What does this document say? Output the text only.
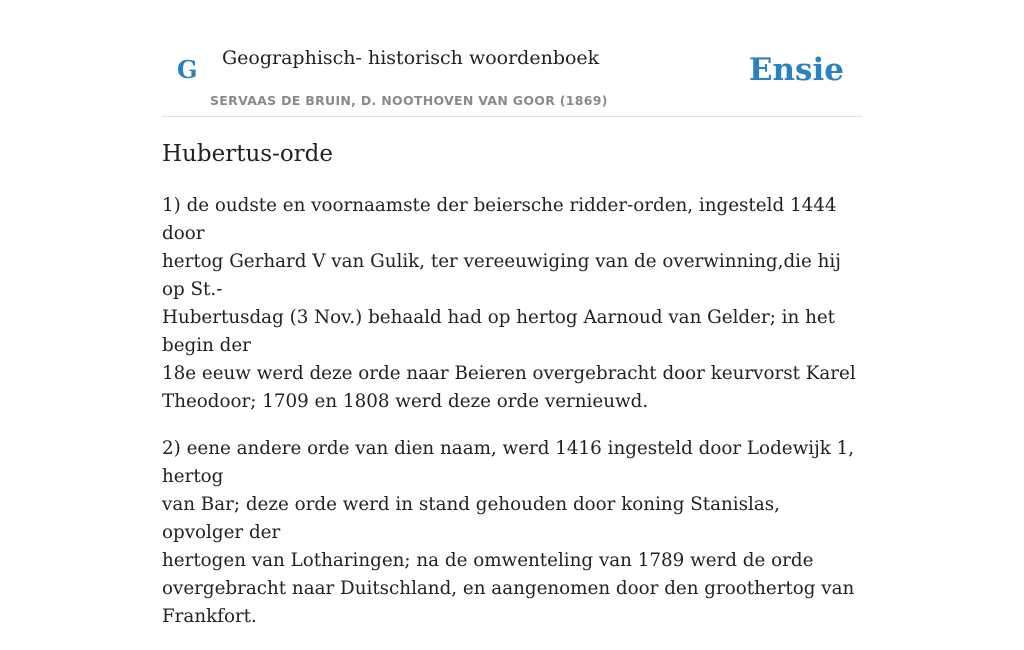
G Geographisch- historisch woordenboek
SERVAAS DE BRUIN, D. NOOTHOVEN VAN GOOR (1869)
Ensie
Hubertus-orde

1) de oudste en voornaamste der beiersche ridder-orden, ingesteld 1444 door
hertog Gerhard V van Gulik, ter vereeuwiging van de overwinning,die hij op St.-
Hubertusdag (3 Nov.) behaald had op hertog Aarnoud van Gelder; in het begin der
18e eeuw werd deze orde naar Beieren overgebracht door keurvorst Karel
Theodoor; 1709 en 1808 werd deze orde vernieuwd.

2) eene andere orde van dien naam, werd 1416 ingesteld door Lodewijk 1, hertog
van Bar; deze orde werd in stand gehouden door koning Stanislas, opvolger der
hertogen van Lotharingen; na de omwenteling van 1789 werd de orde
overgebracht naar Duitschland, en aangenomen door den groothertog van
Frankfort.
